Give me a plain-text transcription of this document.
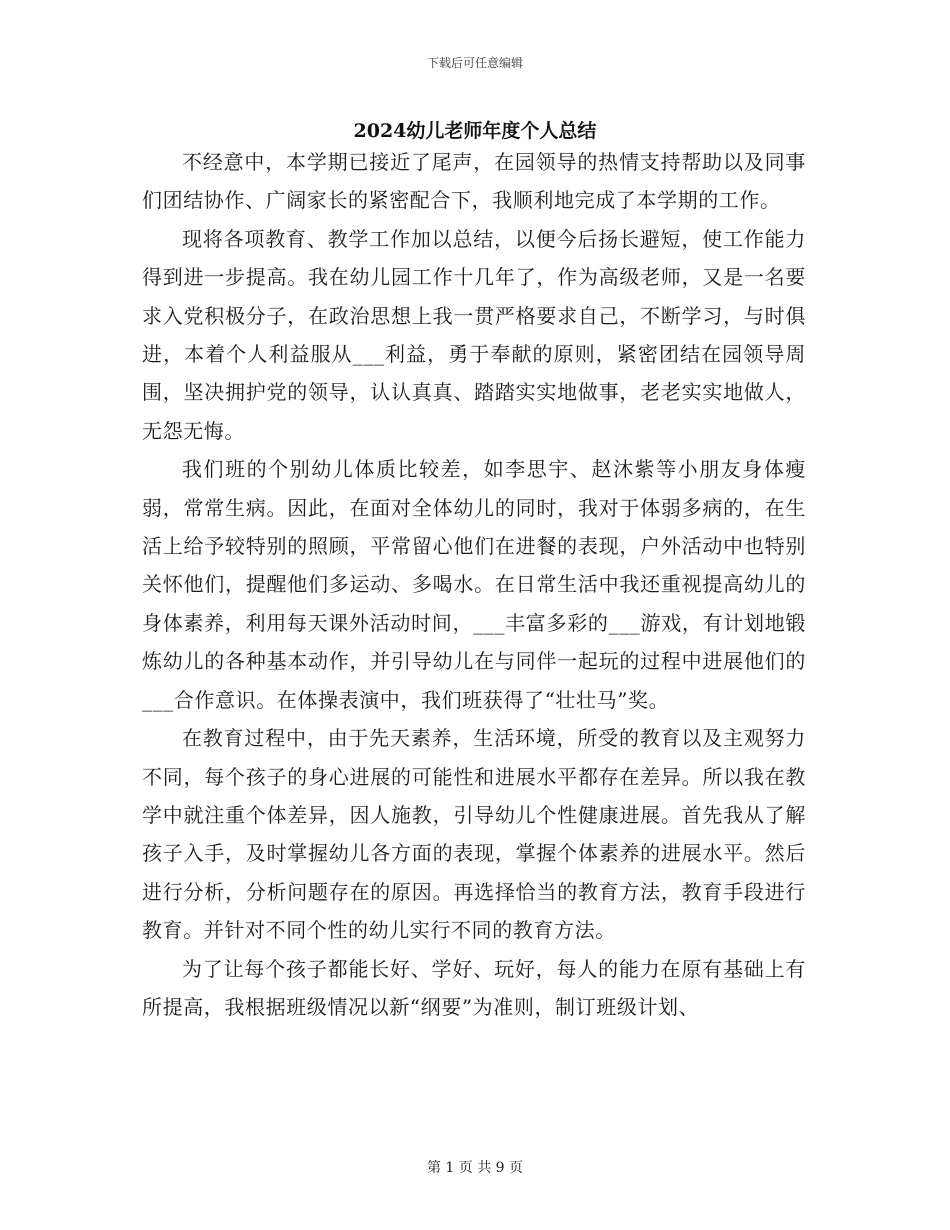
下载后可任意编辑
2024幼儿老师年度个人总结

不经意中，本学期已接近了尾声，在园领导的热情支持帮助以及同事们团结协作、广阔家长的紧密配合下，我顺利地完成了本学期的工作。

现将各项教育、教学工作加以总结，以便今后扬长避短，使工作能力得到进一步提高。我在幼儿园工作十几年了，作为高级老师，又是一名要求入党积极分子，在政治思想上我一贯严格要求自己，不断学习，与时俱进，本着个人利益服从___利益，勇于奉献的原则，紧密团结在园领导周围，坚决拥护党的领导，认认真真、踏踏实实地做事，老老实实地做人，无怨无悔。

我们班的个别幼儿体质比较差，如李思宇、赵沐紫等小朋友身体瘦弱，常常生病。因此，在面对全体幼儿的同时，我对于体弱多病的，在生活上给予较特别的照顾，平常留心他们在进餐的表现，户外活动中也特别关怀他们，提醒他们多运动、多喝水。在日常生活中我还重视提高幼儿的身体素养，利用每天课外活动时间，___丰富多彩的___游戏，有计划地锻炼幼儿的各种基本动作，并引导幼儿在与同伴一起玩的过程中进展他们的___合作意识。在体操表演中，我们班获得了“壮壮马”奖。

在教育过程中，由于先天素养，生活环境，所受的教育以及主观努力不同，每个孩子的身心进展的可能性和进展水平都存在差异。所以我在教学中就注重个体差异，因人施教，引导幼儿个性健康进展。首先我从了解孩子入手，及时掌握幼儿各方面的表现，掌握个体素养的进展水平。然后进行分析，分析问题存在的原因。再选择恰当的教育方法，教育手段进行教育。并针对不同个性的幼儿实行不同的教育方法。

为了让每个孩子都能长好、学好、玩好，每人的能力在原有基础上有所提高，我根据班级情况以新“纲要”为准则，制订班级计划、

第 1 页 共 9 页
